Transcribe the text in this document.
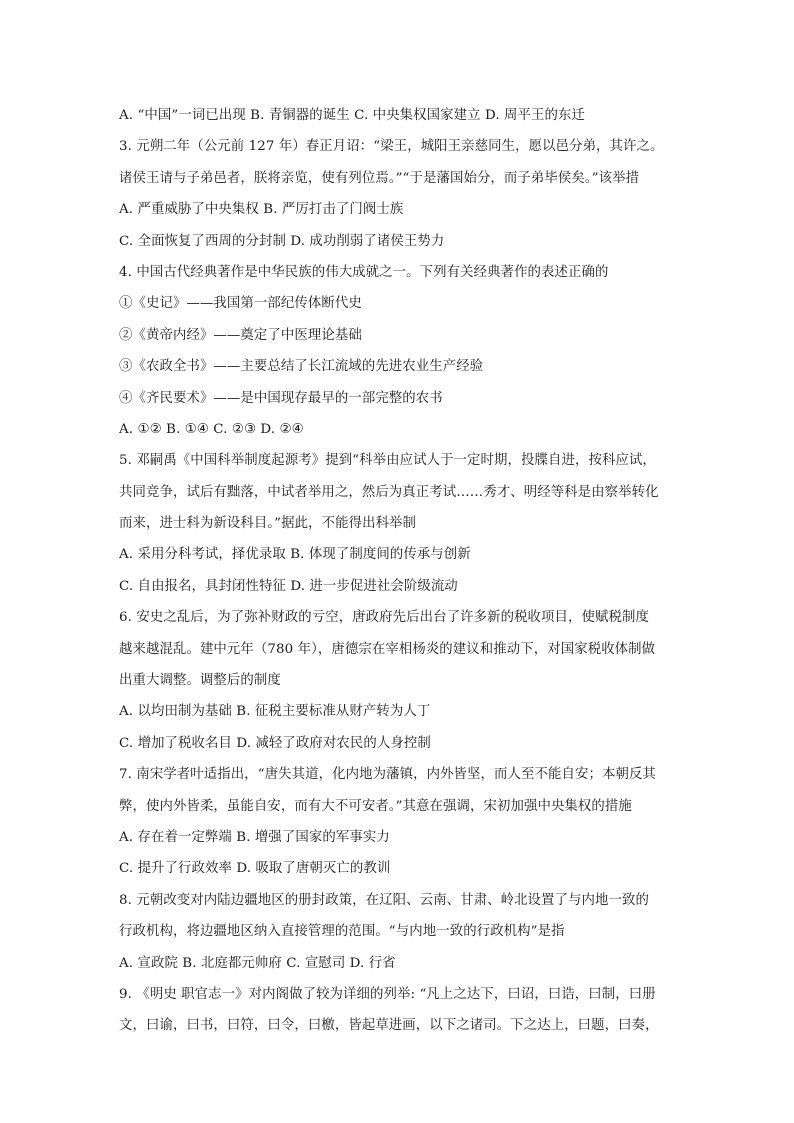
A. “中国”一词已出现 B. 青铜器的诞生 C. 中央集权国家建立 D. 周平王的东迁
3. 元朔二年（公元前 127 年）春正月诏：“梁王，城阳王亲慈同生，愿以邑分弟，其许之。
诸侯王请与子弟邑者，朕将亲览，使有列位焉。”“于是藩国始分，而子弟毕侯矣。”该举措
A. 严重威胁了中央集权 B. 严厉打击了门阀士族
C. 全面恢复了西周的分封制 D. 成功削弱了诸侯王势力
4. 中国古代经典著作是中华民族的伟大成就之一。下列有关经典著作的表述正确的
①《史记》——我国第一部纪传体断代史
②《黄帝内经》——奠定了中医理论基础
③《农政全书》——主要总结了长江流域的先进农业生产经验
④《齐民要术》——是中国现存最早的一部完整的农书
A. ①② B. ①④ C. ②③ D. ②④
5. 邓嗣禹《中国科举制度起源考》提到“科举由应试人于一定时期，投牒自进，按科应试，
共同竞争，试后有黜落，中试者举用之，然后为真正考试……秀才、明经等科是由察举转化
而来，进士科为新设科目。”据此，不能得出科举制
A. 采用分科考试，择优录取 B. 体现了制度间的传承与创新
C. 自由报名，具封闭性特征 D. 进一步促进社会阶级流动
6. 安史之乱后，为了弥补财政的亏空，唐政府先后出台了许多新的税收项目，使赋税制度
越来越混乱。建中元年（780 年），唐德宗在宰相杨炎的建议和推动下，对国家税收体制做
出重大调整。调整后的制度
A. 以均田制为基础 B. 征税主要标准从财产转为人丁
C. 增加了税收名目 D. 减轻了政府对农民的人身控制
7. 南宋学者叶适指出，“唐失其道，化内地为藩镇，内外皆坚，而人至不能自安；本朝反其
弊，使内外皆柔，虽能自安，而有大不可安者。”其意在强调，宋初加强中央集权的措施
A. 存在着一定弊端 B. 增强了国家的军事实力
C. 提升了行政效率 D. 吸取了唐朝灭亡的教训
8. 元朝改变对内陆边疆地区的册封政策，在辽阳、云南、甘肃、岭北设置了与内地一致的
行政机构，将边疆地区纳入直接管理的范围。“与内地一致的行政机构”是指
A. 宣政院 B. 北庭都元帅府 C. 宣慰司 D. 行省
9. 《明史 职官志一》对内阁做了较为详细的列举: “凡上之达下，曰诏，曰诰，曰制，曰册
文，曰谕，曰书，曰符，曰令，曰檄，皆起草进画，以下之诸司。下之达上，曰题，曰奏，
